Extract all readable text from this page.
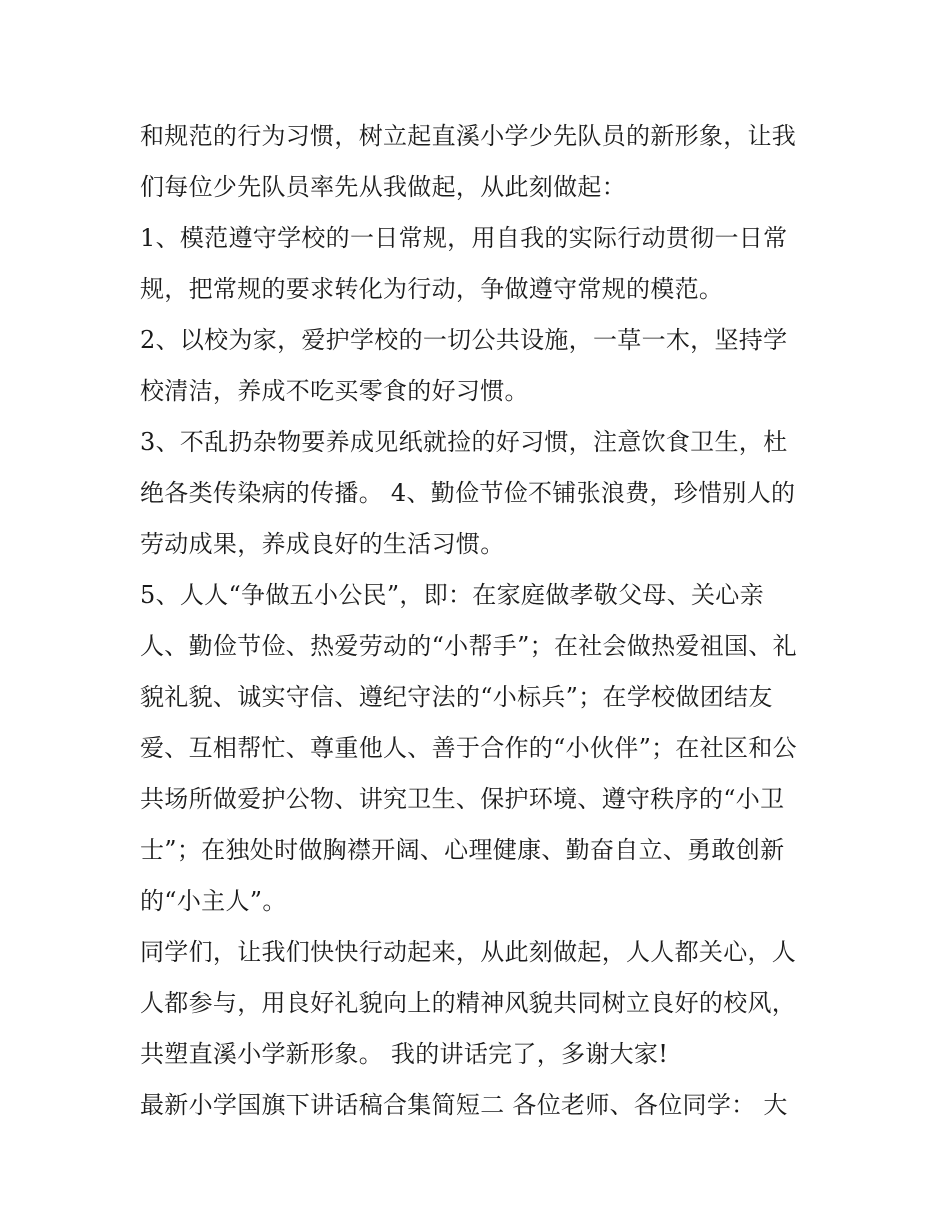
和规范的行为习惯，树立起直溪小学少先队员的新形象，让我
们每位少先队员率先从我做起，从此刻做起：
1、模范遵守学校的一日常规，用自我的实际行动贯彻一日常
规，把常规的要求转化为行动，争做遵守常规的模范。
2、以校为家，爱护学校的一切公共设施，一草一木，坚持学
校清洁，养成不吃买零食的好习惯。
3、不乱扔杂物要养成见纸就捡的好习惯，注意饮食卫生，杜
绝各类传染病的传播。 4、勤俭节俭不铺张浪费，珍惜别人的
劳动成果，养成良好的生活习惯。
5、人人“争做五小公民”，即：在家庭做孝敬父母、关心亲
人、勤俭节俭、热爱劳动的“小帮手”；在社会做热爱祖国、礼
貌礼貌、诚实守信、遵纪守法的“小标兵”；在学校做团结友
爱、互相帮忙、尊重他人、善于合作的“小伙伴”；在社区和公
共场所做爱护公物、讲究卫生、保护环境、遵守秩序的“小卫
士”；在独处时做胸襟开阔、心理健康、勤奋自立、勇敢创新
的“小主人”。
同学们，让我们快快行动起来，从此刻做起，人人都关心，人
人都参与，用良好礼貌向上的精神风貌共同树立良好的校风，
共塑直溪小学新形象。 我的讲话完了，多谢大家!
最新小学国旗下讲话稿合集简短二 各位老师、各位同学： 大
